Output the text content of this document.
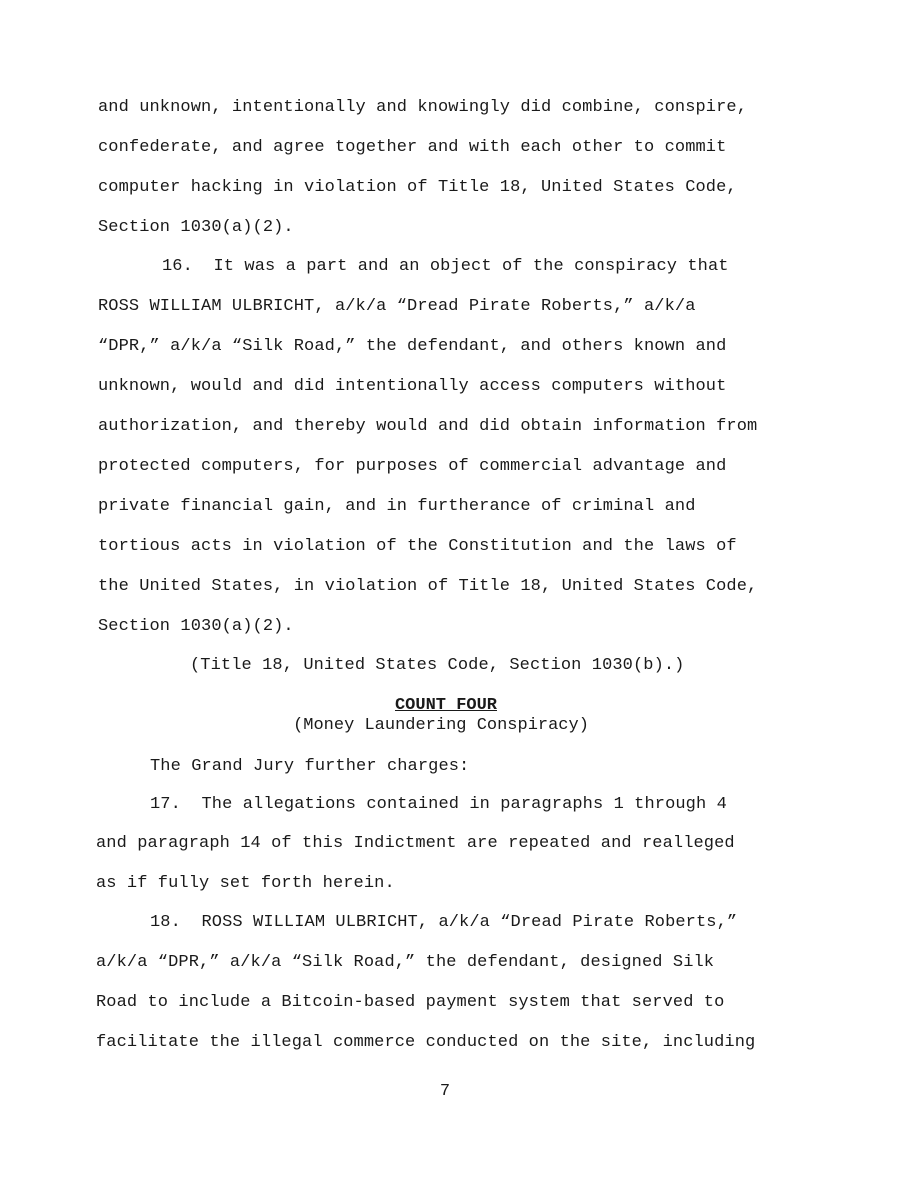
and unknown, intentionally and knowingly did combine, conspire,
confederate, and agree together and with each other to commit
computer hacking in violation of Title 18, United States Code,
Section 1030(a)(2).
16.  It was a part and an object of the conspiracy that
ROSS WILLIAM ULBRICHT, a/k/a “Dread Pirate Roberts,” a/k/a
“DPR,” a/k/a “Silk Road,” the defendant, and others known and
unknown, would and did intentionally access computers without
authorization, and thereby would and did obtain information from
protected computers, for purposes of commercial advantage and
private financial gain, and in furtherance of criminal and
tortious acts in violation of the Constitution and the laws of
the United States, in violation of Title 18, United States Code,
Section 1030(a)(2).
(Title 18, United States Code, Section 1030(b).)
COUNT FOUR
(Money Laundering Conspiracy)
The Grand Jury further charges:
17.  The allegations contained in paragraphs 1 through 4
and paragraph 14 of this Indictment are repeated and realleged
as if fully set forth herein.
18.  ROSS WILLIAM ULBRICHT, a/k/a “Dread Pirate Roberts,”
a/k/a “DPR,” a/k/a “Silk Road,” the defendant, designed Silk
Road to include a Bitcoin-based payment system that served to
facilitate the illegal commerce conducted on the site, including
7
